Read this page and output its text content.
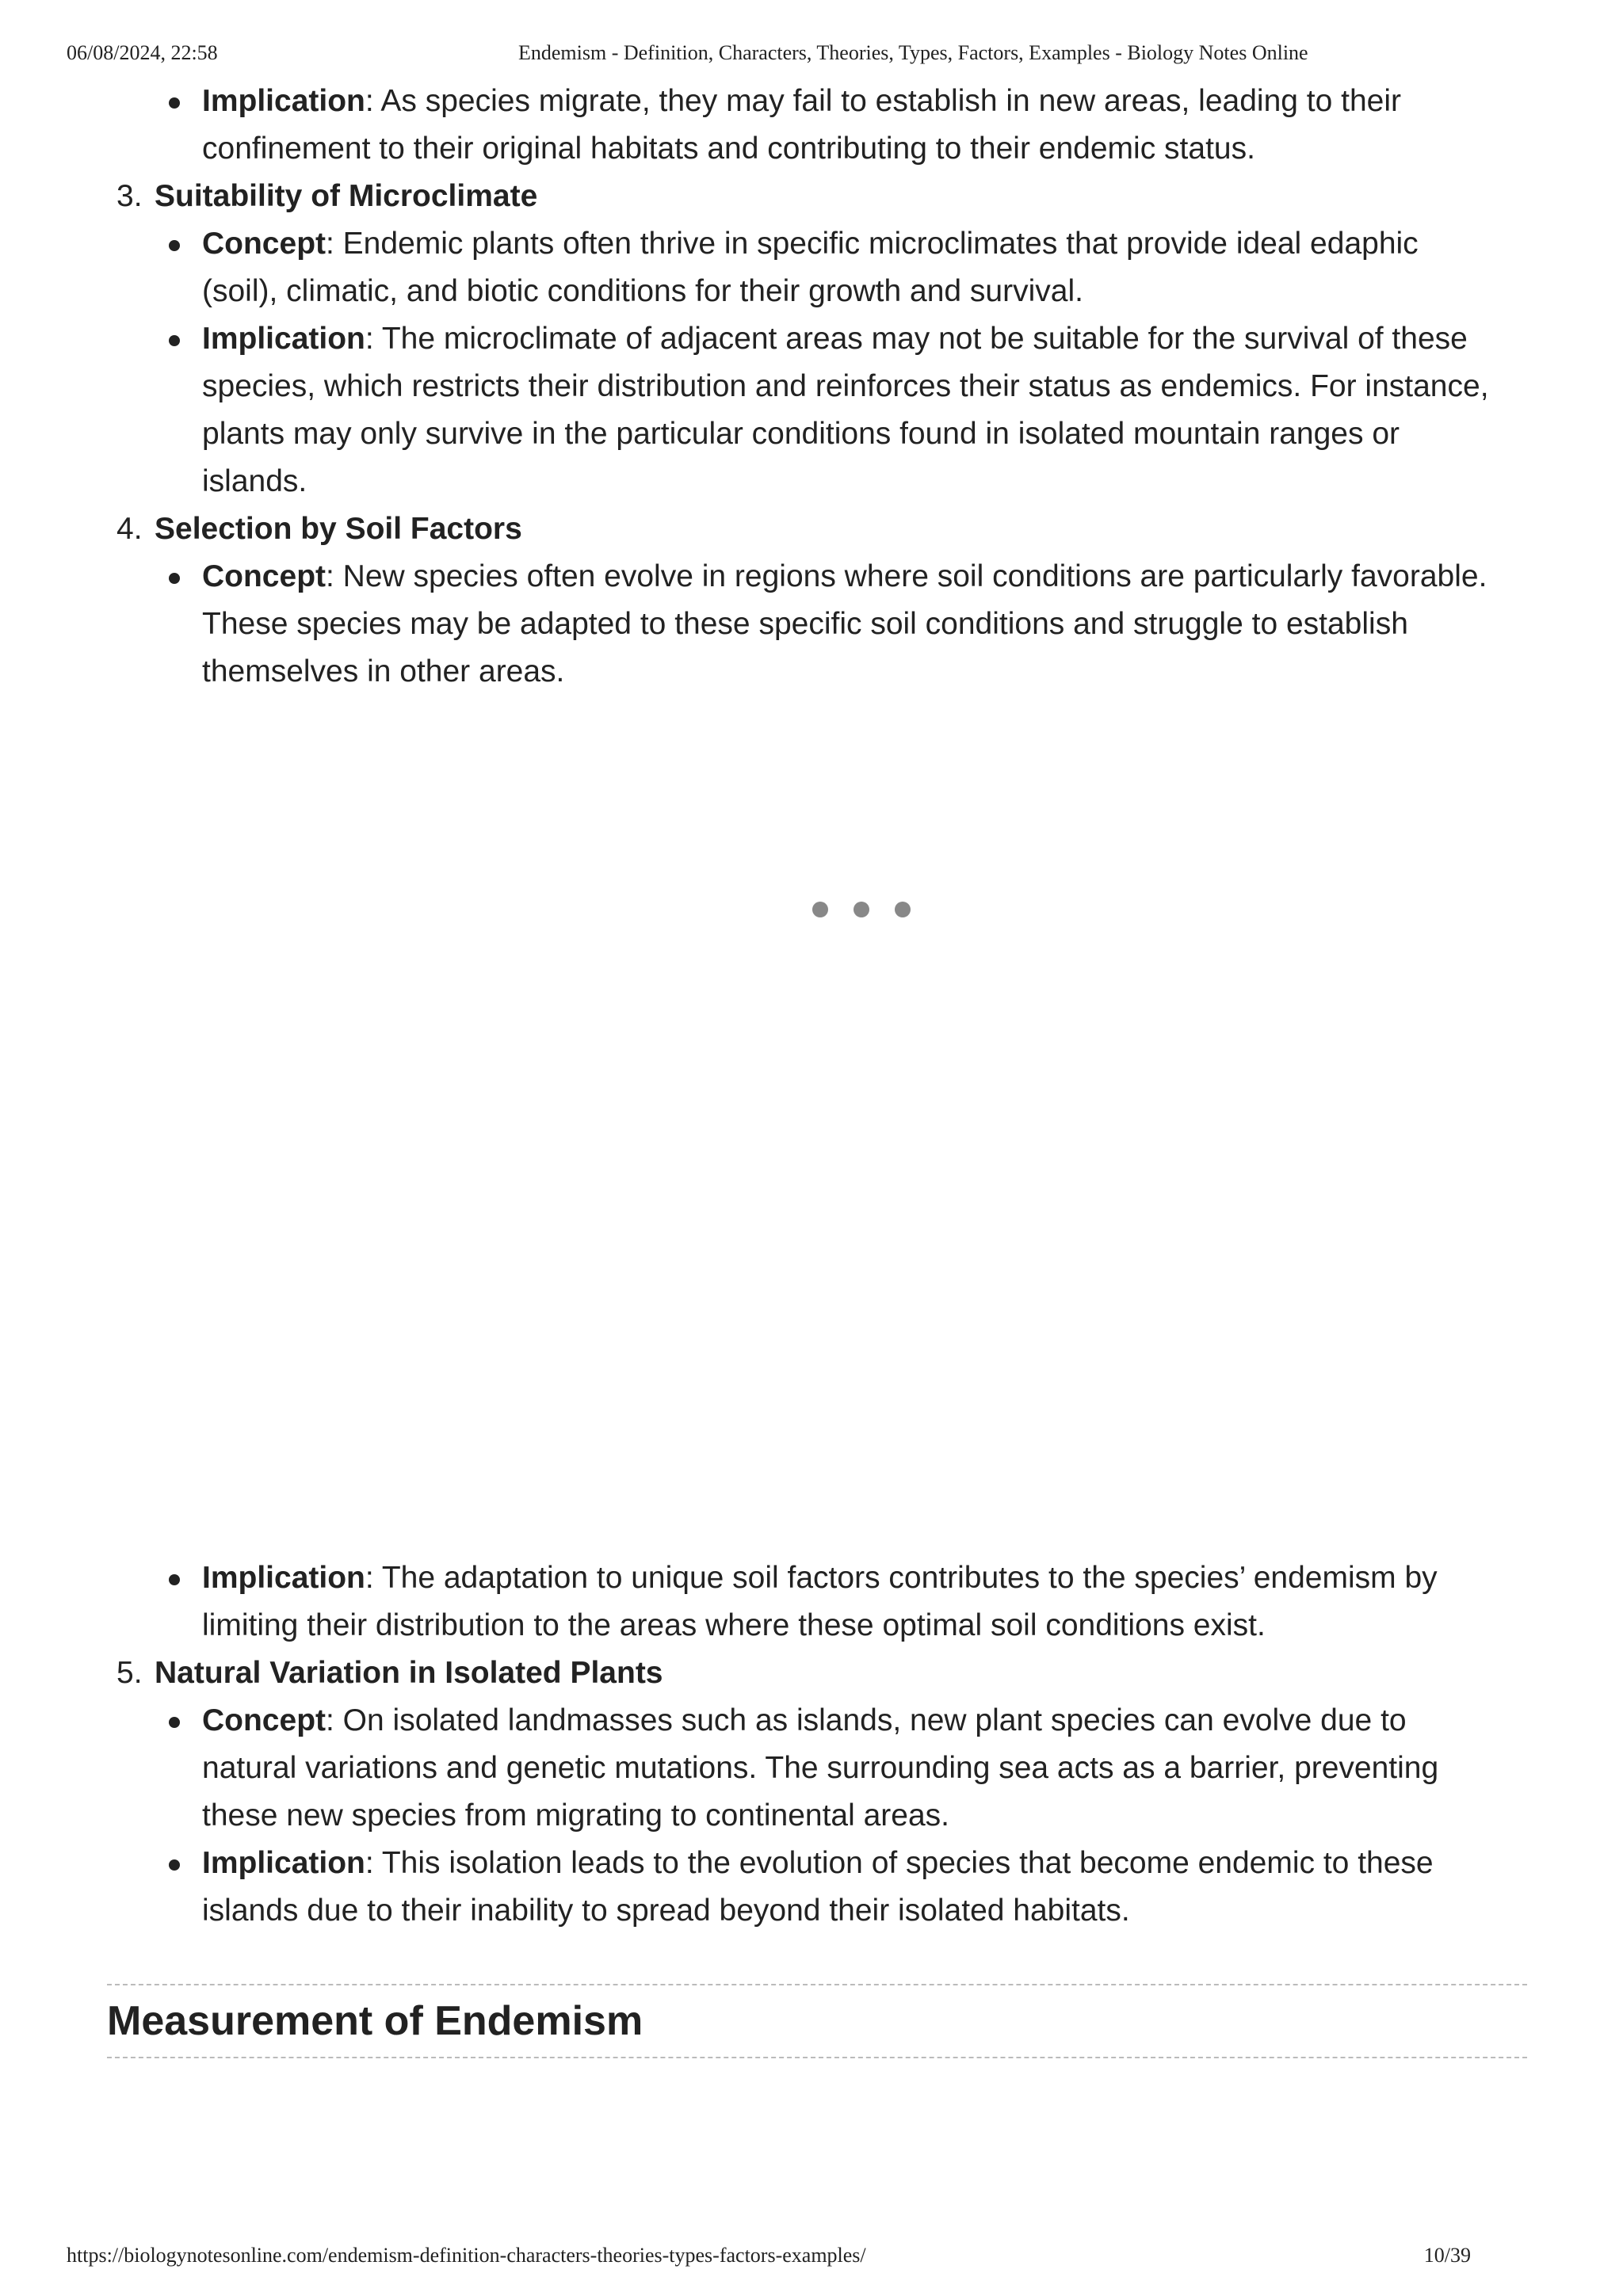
06/08/2024, 22:58	Endemism - Definition, Characters, Theories, Types, Factors, Examples - Biology Notes Online
Implication: As species migrate, they may fail to establish in new areas, leading to their confinement to their original habitats and contributing to their endemic status.
3. Suitability of Microclimate
Concept: Endemic plants often thrive in specific microclimates that provide ideal edaphic (soil), climatic, and biotic conditions for their growth and survival.
Implication: The microclimate of adjacent areas may not be suitable for the survival of these species, which restricts their distribution and reinforces their status as endemics. For instance, plants may only survive in the particular conditions found in isolated mountain ranges or islands.
4. Selection by Soil Factors
Concept: New species often evolve in regions where soil conditions are particularly favorable. These species may be adapted to these specific soil conditions and struggle to establish themselves in other areas.
Implication: The adaptation to unique soil factors contributes to the species’ endemism by limiting their distribution to the areas where these optimal soil conditions exist.
5. Natural Variation in Isolated Plants
Concept: On isolated landmasses such as islands, new plant species can evolve due to natural variations and genetic mutations. The surrounding sea acts as a barrier, preventing these new species from migrating to continental areas.
Implication: This isolation leads to the evolution of species that become endemic to these islands due to their inability to spread beyond their isolated habitats.
Measurement of Endemism
https://biologynotesonline.com/endemism-definition-characters-theories-types-factors-examples/	10/39
